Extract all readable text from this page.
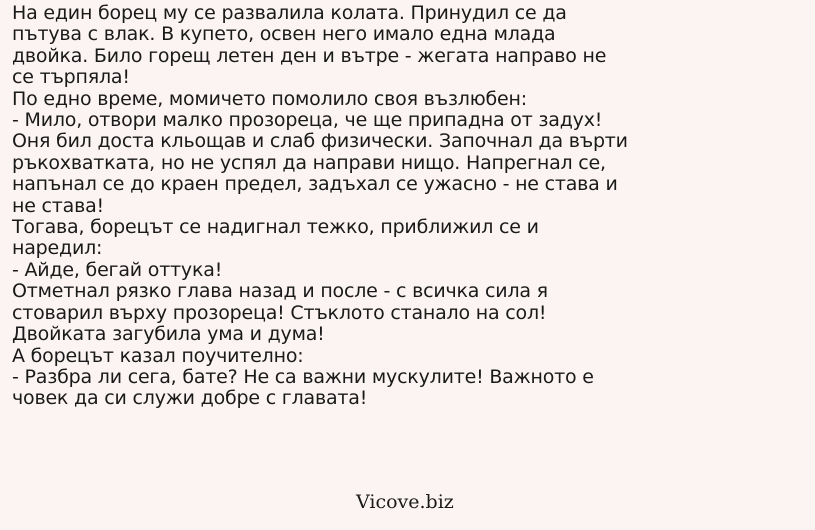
На един борец му се развалила колата. Принудил се да
пътува с влак. В купето, освен него имало една млада
двойка. Било горещ летен ден и вътре - жегата направо не
се търпяла!
По едно време, момичето помолило своя възлюбен:
- Мило, отвори малко прозореца, че ще припадна от задух!
Оня бил доста кльощав и слаб физически. Започнал да върти
ръкохватката, но не успял да направи нищо. Напрегнал се,
напънал се до краен предел, задъхал се ужасно - не става и
не става!
Тогава, борецът се надигнал тежко, приближил се и
наредил:
- Айде, бегай оттука!
Отметнал рязко глава назад и после - с всичка сила я
стоварил върху прозореца! Стъклото станало на сол!
Двойката загубила ума и дума!
А борецът казал поучително:
- Разбра ли сега, бате? Не са важни мускулите! Важното е
човек да си служи добре с главата!
Vicove.biz
